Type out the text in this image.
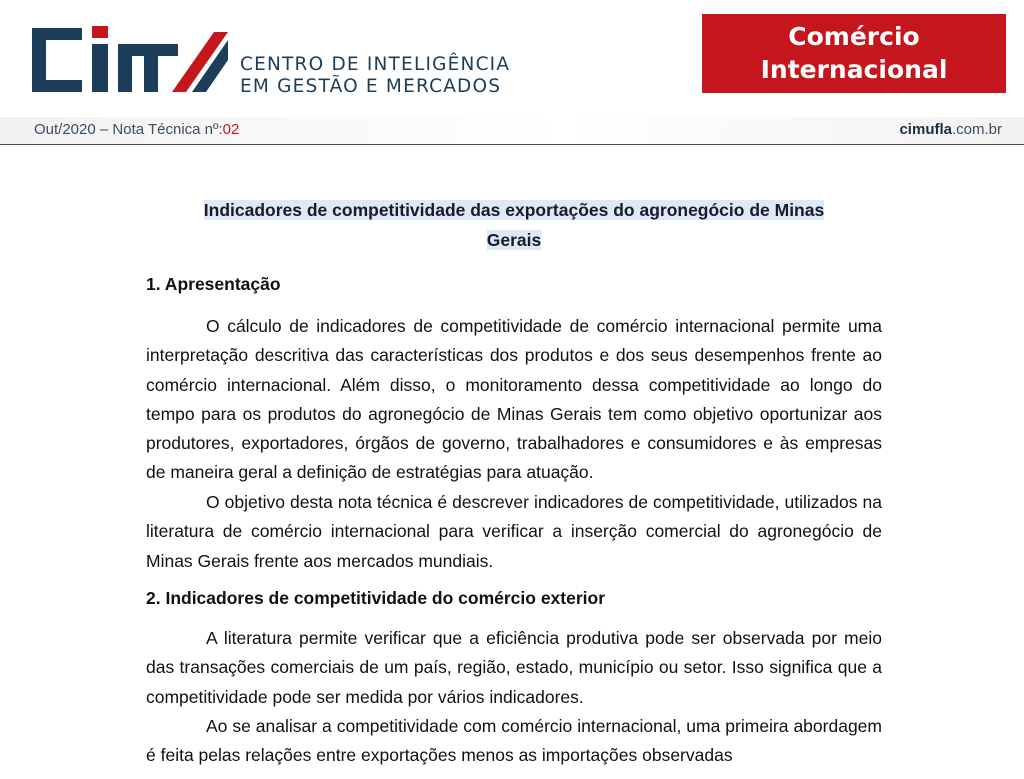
CENTRO DE INTELIGÊNCIA
EM GESTÃO E MERCADOS
Comércio
Internacional
Out/2020 – Nota Técnica nº:02	cimufla.com.br
Indicadores de competitividade das exportações do agronegócio de Minas
Gerais
1. Apresentação

O cálculo de indicadores de competitividade de comércio internacional permite uma interpretação descritiva das características dos produtos e dos seus desempenhos frente ao comércio internacional. Além disso, o monitoramento dessa competitividade ao longo do tempo para os produtos do agronegócio de Minas Gerais tem como objetivo oportunizar aos produtores, exportadores, órgãos de governo, trabalhadores e consumidores e às empresas de maneira geral a definição de estratégias para atuação.

O objetivo desta nota técnica é descrever indicadores de competitividade, utilizados na literatura de comércio internacional para verificar a inserção comercial do agronegócio de Minas Gerais frente aos mercados mundiais.

2. Indicadores de competitividade do comércio exterior

A literatura permite verificar que a eficiência produtiva pode ser observada por meio das transações comerciais de um país, região, estado, município ou setor. Isso significa que a competitividade pode ser medida por vários indicadores.

Ao se analisar a competitividade com comércio internacional, uma primeira abordagem é feita pelas relações entre exportações menos as importações observadas
